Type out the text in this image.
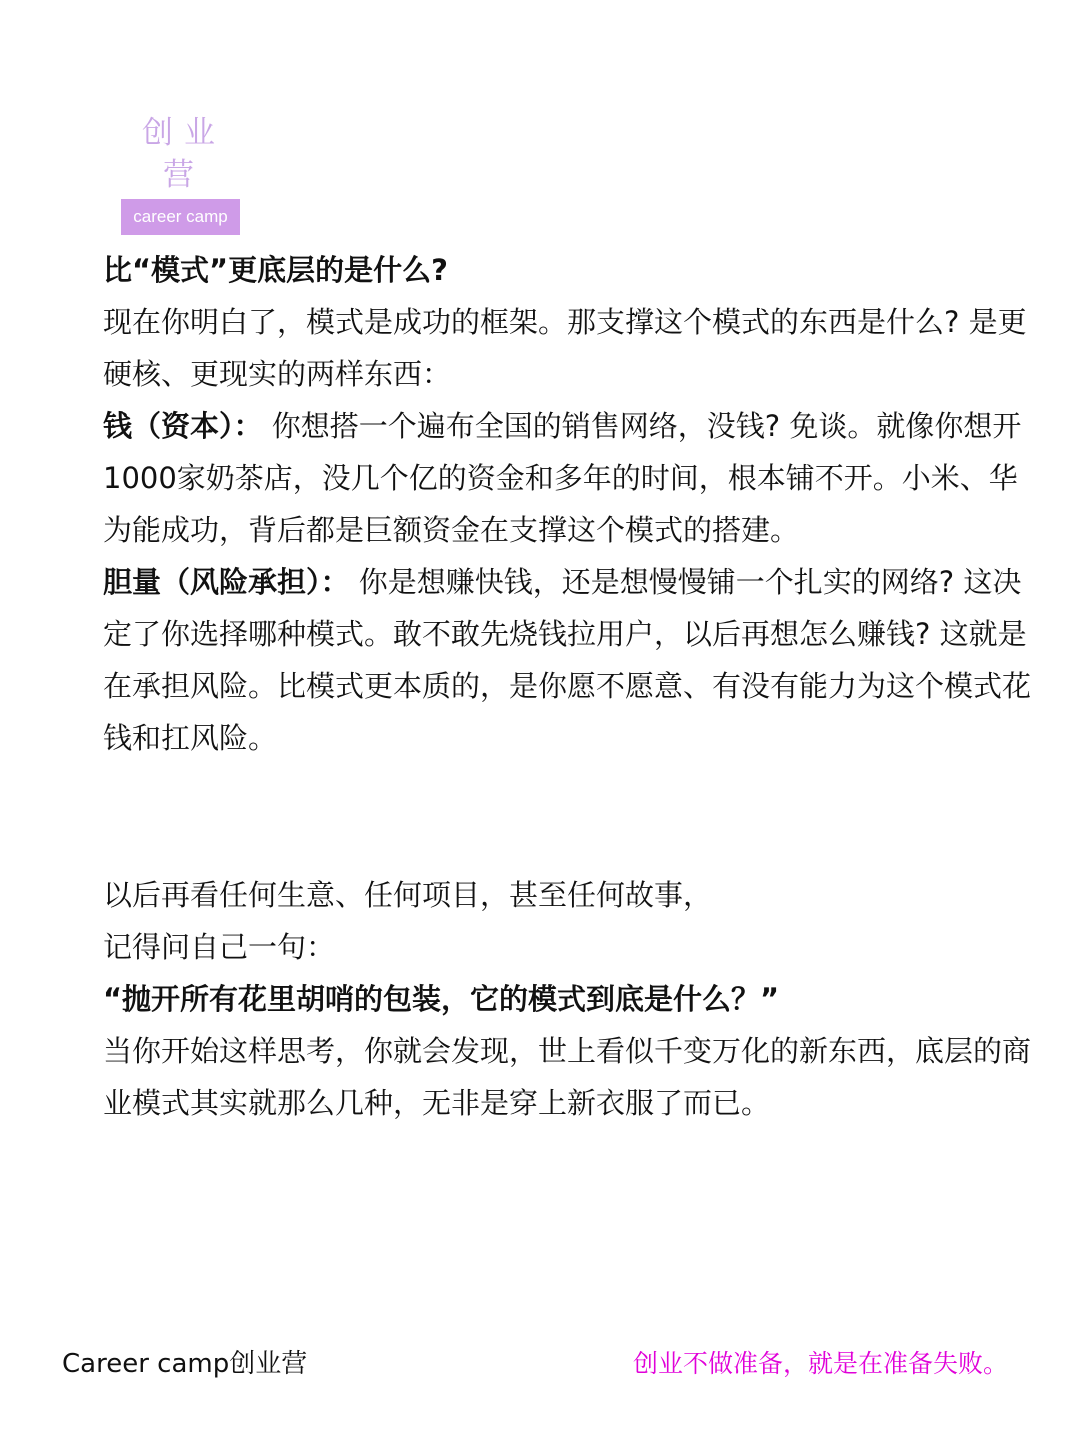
创业营
career camp

比“模式”更底层的是什么?

现在你明白了，模式是成功的框架。那支撑这个模式的东西是什么? 是更硬核、更现实的两样东西：

钱（资本）： 你想搭一个遍布全国的销售网络，没钱? 免谈。就像你想开1000家奶茶店，没几个亿的资金和多年的时间，根本铺不开。小米、华为能成功，背后都是巨额资金在支撑这个模式的搭建。

胆量（风险承担）： 你是想赚快钱，还是想慢慢铺一个扎实的网络? 这决定了你选择哪种模式。敢不敢先烧钱拉用户，以后再想怎么赚钱? 这就是在承担风险。比模式更本质的，是你愿不愿意、有没有能力为这个模式花钱和扛风险。

以后再看任何生意、任何项目，甚至任何故事，

记得问自己一句：

“抛开所有花里胡哨的包装，它的模式到底是什么？”

当你开始这样思考，你就会发现，世上看似千变万化的新东西，底层的商业模式其实就那么几种，无非是穿上新衣服了而已。

Career camp创业营	创业不做准备，就是在准备失败。
